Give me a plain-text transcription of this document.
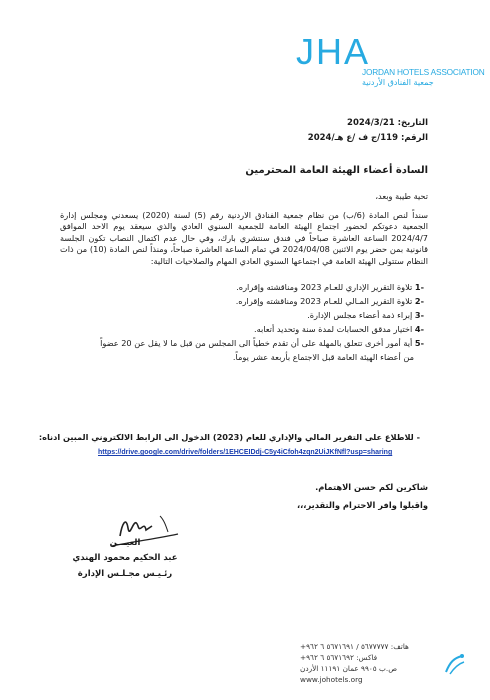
JHA
JORDAN HOTELS ASSOCIATION
جمعية الفنادق الأردنية
التاريخ: 2024/3/21
الرقم: 119/ج ف /ع هـ/2024
السادة أعضاء الهيئة العامة المحترمين
تحية طيبة وبعد،
سنداً لنص المادة (6/ب) من نظام جمعية الفنادق الاردنية رقم (5) لسنة (2020) يسعدني ومجلس إدارة الجمعية دعوتكم لحضور اجتماع الهيئة العامة للجمعية السنوي العادي والذي سيعقد يوم الاحد الموافق 2024/4/7 الساعة العاشرة صباحاً في فندق سنتشري بارك، وفي حال عدم اكتمال النصاب تكون الجلسة قانونية بمن حضر يوم الاثنين 2024/04/08 في تمام الساعة العاشرة صباحاً، ومنذاً لنص المادة (10) من ذات النظام ستتولى الهيئة العامة في اجتماعها السنوي العادي المهام والصلاحيات التالية:
-1 تلاوة التقرير الإداري للعـام 2023 ومناقشته وإقراره.
-2 تلاوة التقرير المـالي للعـام 2023 ومناقشته وإقراره.
-3 إبراء ذمة أعضاء مجلس الإدارة.
-4 اختيار مدقق الحسابات لمدة سنة وتحديد أتعابه.
-5 أية أمور أخرى تتعلق بالمهلة على أن تقدم خطياً الى المجلس من قبل ما لا يقل عن 20 عضواً
من أعضاء الهيئة العامة قبل الاجتماع بأربعة عشر يوماً.
- للاطلاع على التقرير المالي والإداري للعام (2023) الدخول الى الرابط الالكتروني المبين ادناه:
https://drive.google.com/drive/folders/1EHCEIDdj-C5y4iCfoh4zqn2UiJKfNfl?usp=sharing
شاكرين لكم حسن الاهتمام.
واقبلوا وافر الاحترام والتقدير،،،
العيـــن
عبد الحكيم محمود الهندي
رئـيـس مجـلـس الإدارة
هاتف: ٥٦٧٧٧٧٧ / ٥٦٧١٦٩١ ٦ ٩٦٢+
فاكس: ٥٦٧١٦٩٢ ٦ ٩٦٢+
ص.ب ٩٩٠٥ عمان ١١١٩١ الأردن
www.johotels.org
